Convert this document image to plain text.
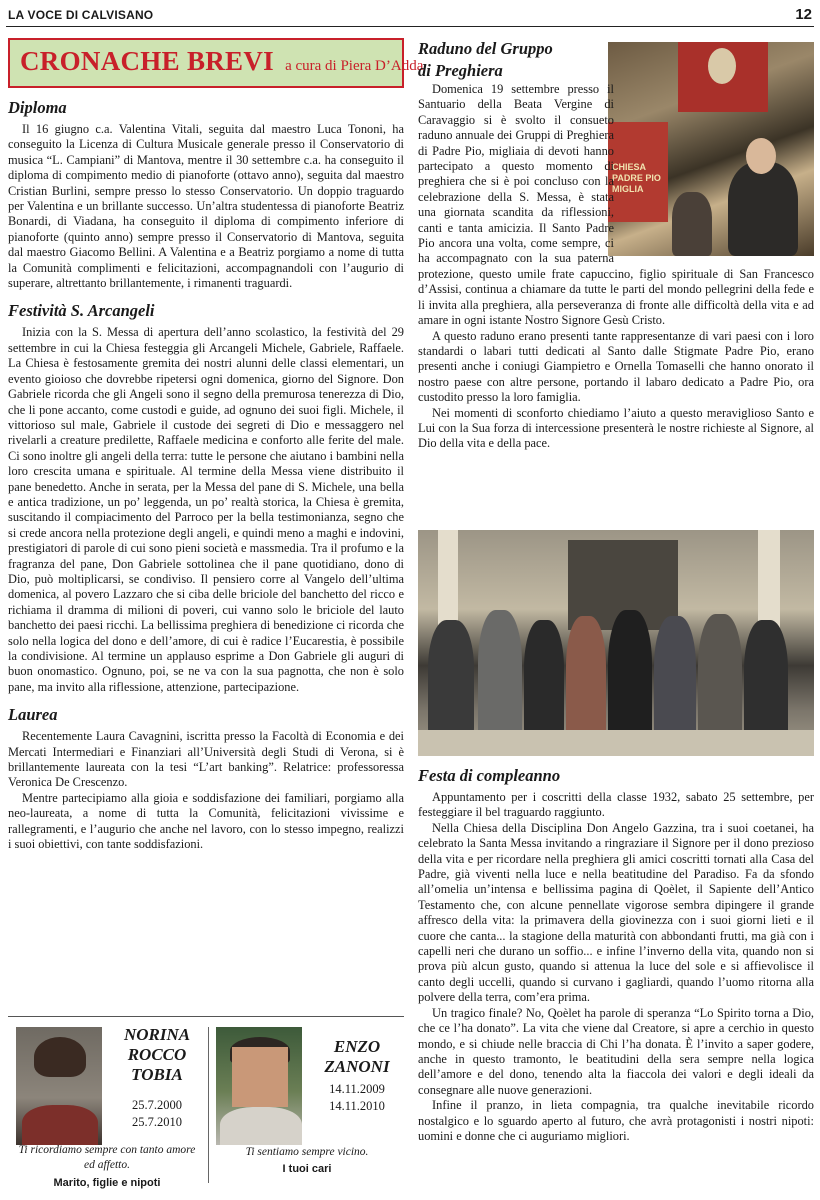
LA VOCE DI CALVISANO	12
CRONACHE BREVI a cura di Piera D’Adda
Diploma

Il 16 giugno c.a. Valentina Vitali, seguita dal maestro Luca Tononi, ha conseguito la Licenza di Cultura Musicale generale presso il Conservatorio di musica “L. Campiani” di Mantova, mentre il 30 settembre c.a. ha conseguito il diploma di compimento medio di pianoforte (ottavo anno), seguita dal maestro Cristian Burlini, sempre presso lo stesso Conservatorio. Un doppio traguardo per Valentina e un brillante successo. Un’altra studentessa di pianoforte Beatriz Bonardi, di Viadana, ha conseguito il diploma di compimento inferiore di pianoforte (quinto anno) sempre presso il Conservatorio di Mantova, seguita dal maestro Giacomo Bellini. A Valentina e a Beatriz porgiamo a nome di tutta la Comunità complimenti e felicitazioni, accompagnandoli con l’augurio di superare, altrettanto brillantemente, i rimanenti traguardi.

Festività S. Arcangeli

Inizia con la S. Messa di apertura dell’anno scolastico, la festività del 29 settembre in cui la Chiesa festeggia gli Arcangeli Michele, Gabriele, Raffaele. La Chiesa è festosamente gremita dei nostri alunni delle classi elementari, un evento gioioso che dovrebbe ripetersi ogni domenica, giorno del Signore. Don Gabriele ricorda che gli Angeli sono il segno della premurosa tenerezza di Dio, che li pone accanto, come custodi e guide, ad ognuno dei suoi figli. Michele, il vittorioso sul male, Gabriele il custode dei segreti di Dio e messaggero nel rivelarli a creature predilette, Raffaele medicina e conforto alle ferite del male. Ci sono inoltre gli angeli della terra: tutte le persone che aiutano i bambini nella loro crescita umana e spirituale. Al termine della Messa viene distribuito il pane benedetto. Anche in serata, per la Messa del pane di S. Michele, una bella e antica tradizione, un po’ leggenda, un po’ realtà storica, la Chiesa è gremita, suscitando il compiacimento del Parroco per la bella testimonianza, segno che si crede ancora nella protezione degli angeli, e quindi meno a maghi e indovini, prestigiatori di parole di cui sono pieni società e massmedia. Tra il profumo e la fragranza del pane, Don Gabriele sottolinea che il pane quotidiano, dono di Dio, può moltiplicarsi, se condiviso. Il pensiero corre al Vangelo dell’ultima domenica, al povero Lazzaro che si ciba delle briciole del banchetto del ricco e richiama il dramma di milioni di poveri, cui vanno solo le briciole del lauto banchetto dei paesi ricchi. La bellissima preghiera di benedizione ci ricorda che solo nella logica del dono e dell’amore, di cui è radice l’Eucarestia, è possibile la condivisione. Al termine un applauso esprime a Don Gabriele gli auguri di buon onomastico. Ognuno, poi, se ne va con la sua pagnotta, che non è solo pane, ma invito alla riflessione, attenzione, partecipazione.

Laurea

Recentemente Laura Cavagnini, iscritta presso la Facoltà di Economia e dei Mercati Intermediari e Finanziari all’Università degli Studi di Verona, si è brillantemente laureata con la tesi “L’art banking”. Relatrice: professoressa Veronica De Crescenzo.

Mentre partecipiamo alla gioia e soddisfazione dei familiari, porgiamo alla neo-laureata, a nome di tutta la Comunità, felicitazioni vivissime e rallegramenti, e l’augurio che anche nel lavoro, con lo stesso impegno, realizzi i suoi obiettivi, con tante soddisfazioni.

NORINA
ROCCO
TOBIA
25.7.2000
25.7.2010
Ti ricordiamo sempre con tanto amore ed affetto.
Marito, figlie e nipoti
ENZO
ZANONI
14.11.2009
14.11.2010
Ti sentiamo sempre vicino.
I tuoi cari
CHIESA
PADRE PIO
MIGLIA
Raduno del Gruppo
di Preghiera

Domenica 19 settembre presso il Santuario della Beata Vergine di Caravaggio si è svolto il consueto raduno annuale dei Gruppi di Preghiera di Padre Pio, migliaia di devoti hanno partecipato a questo momento di preghiera che si è poi concluso con la celebrazione della S. Messa, è stata una giornata scandita da riflessioni, canti e tanta amicizia. Il Santo Padre Pio ancora una volta, come sempre, ci ha accompagnato con la sua paterna protezione, questo umile frate capuccino, figlio spirituale di San Francesco d’Assisi, continua a chiamare da tutte le parti del mondo pellegrini della fede e li invita alla preghiera, alla perseveranza di fronte alle difficoltà della vita e ad amare in ogni istante Nostro Signore Gesù Cristo.

A questo raduno erano presenti tante rappresentanze di vari paesi con i loro standardi o labari tutti dedicati al Santo dalle Stigmate Padre Pio, erano presenti anche i coniugi Giampietro e Ornella Tomaselli che hanno onorato il nostro paese con altre persone, portando il labaro dedicato a Padre Pio, ora custodito presso la loro famiglia.

Nei momenti di sconforto chiediamo l’aiuto a questo meraviglioso Santo e Lui con la Sua forza di intercessione presenterà le nostre richieste al Signore, al Dio della vita e della pace.

Festa di compleanno

Appuntamento per i coscritti della classe 1932, sabato 25 settembre, per festeggiare il bel traguardo raggiunto.

Nella Chiesa della Disciplina Don Angelo Gazzina, tra i suoi coetanei, ha celebrato la Santa Messa invitando a ringraziare il Signore per il dono prezioso della vita e per ricordare nella preghiera gli amici coscritti tornati alla Casa del Padre, già viventi nella luce e nella beatitudine del Paradiso. Fa da sfondo all’omelia un’intensa e bellissima pagina di Qoèlet, il Sapiente dell’Antico Testamento che, con alcune pennellate vigorose sembra dipingere il grande affresco della vita: la primavera della giovinezza con i suoi giorni lieti e il cuore che canta... la stagione della maturità con abbondanti frutti, ma già con i capelli neri che durano un soffio... e infine l’inverno della vita, quando non si prova più alcun gusto, quando si attenua la luce del sole e si affievolisce il canto degli uccelli, quando si curvano i gagliardi, quando l’uomo ritorna alla polvere della terra, com’era prima.

Un tragico finale? No, Qoèlet ha parole di speranza “Lo Spirito torna a Dio, che ce l’ha donato”. La vita che viene dal Creatore, si apre a cerchio in questo mondo, e si chiude nelle braccia di Chi l’ha donata. È l’invito a saper godere, anche in questo tramonto, le beatitudini della sera sempre nella logica dell’amore e del dono, tenendo alta la fiaccola dei valori e degli ideali da consegnare alle nuove generazioni.

Infine il pranzo, in lieta compagnia, tra qualche inevitabile ricordo nostalgico e lo sguardo aperto al futuro, che avrà protagonisti i nostri nipoti: uomini e donne che ci auguriamo migliori.
